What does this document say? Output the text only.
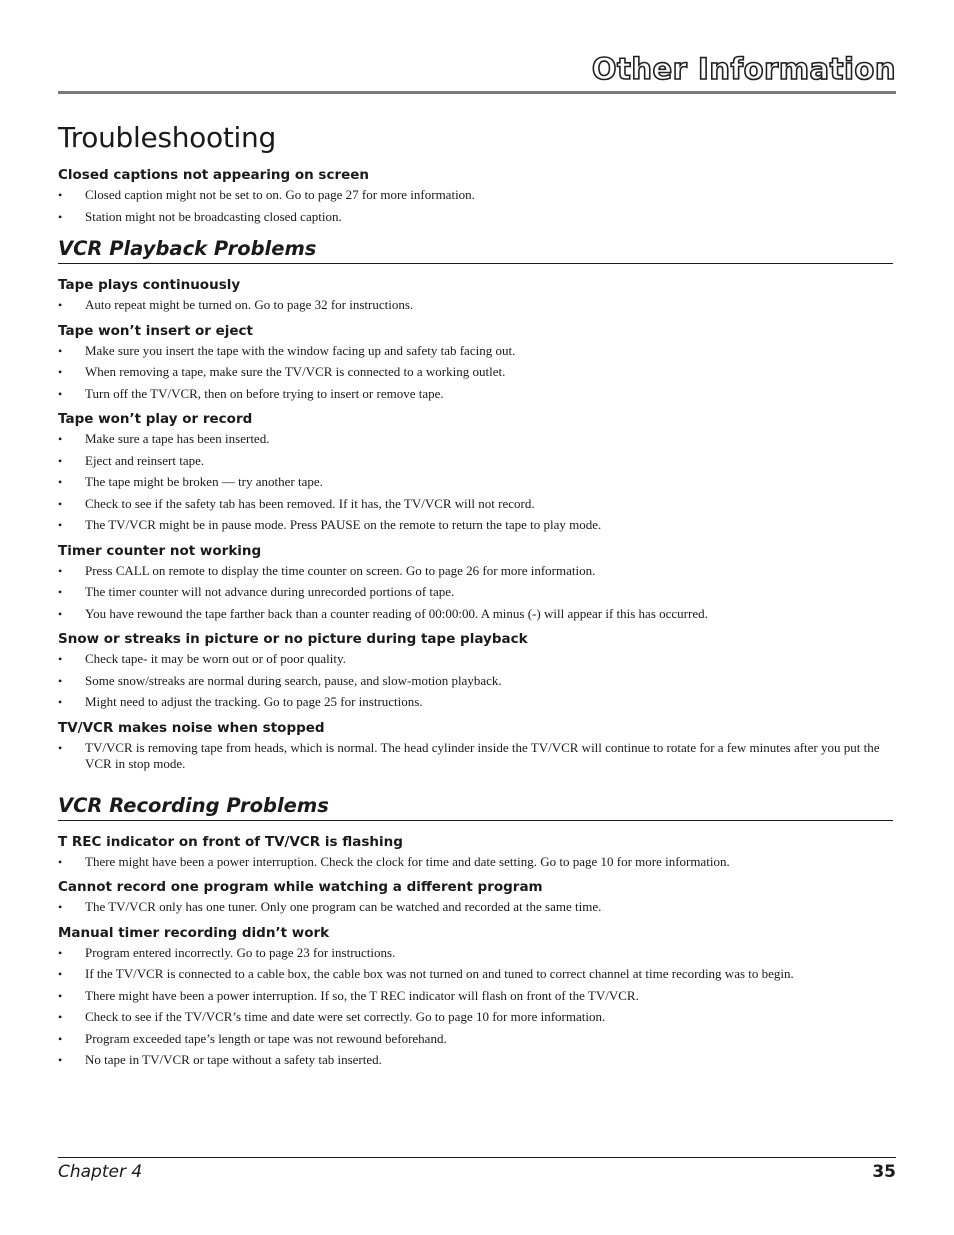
Other Information
Troubleshooting
Closed captions not appearing on screen
• Closed caption might not be set to on. Go to page 27 for more information.
• Station might not be broadcasting closed caption.
VCR Playback Problems
Tape plays continuously
• Auto repeat might be turned on. Go to page 32 for instructions.
Tape won’t insert or eject
• Make sure you insert the tape with the window facing up and safety tab facing out.
• When removing a tape, make sure the TV/VCR is connected to a working outlet.
• Turn off the TV/VCR, then on before trying to insert or remove tape.
Tape won’t play or record
• Make sure a tape has been inserted.
• Eject and reinsert tape.
• The tape might be broken — try another tape.
• Check to see if the safety tab has been removed. If it has, the TV/VCR will not record.
• The TV/VCR might be in pause mode. Press PAUSE on the remote to return the tape to play mode.
Timer counter not working
• Press CALL on remote to display the time counter on screen. Go to page 26 for more information.
• The timer counter will not advance during unrecorded portions of tape.
• You have rewound the tape farther back than a counter reading of 00:00:00. A minus (-) will appear if this has occurred.
Snow or streaks in picture or no picture during tape playback
• Check tape- it may be worn out or of poor quality.
• Some snow/streaks are normal during search, pause, and slow-motion playback.
• Might need to adjust the tracking. Go to page 25 for instructions.
TV/VCR makes noise when stopped
• TV/VCR is removing tape from heads, which is normal. The head cylinder inside the TV/VCR will continue to rotate for a few minutes after you put the VCR in stop mode.
VCR Recording Problems
T REC indicator on front of TV/VCR is flashing
• There might have been a power interruption. Check the clock for time and date setting. Go to page 10 for more information.
Cannot record one program while watching a different program
• The TV/VCR only has one tuner. Only one program can be watched and recorded at the same time.
Manual timer recording didn’t work
• Program entered incorrectly. Go to page 23 for instructions.
• If the TV/VCR is connected to a cable box, the cable box was not turned on and tuned to correct channel at time recording was to begin.
• There might have been a power interruption. If so, the T REC indicator will flash on front of the TV/VCR.
• Check to see if the TV/VCR’s time and date were set correctly. Go to page 10 for more information.
• Program exceeded tape’s length or tape was not rewound beforehand.
• No tape in TV/VCR or tape without a safety tab inserted.

Chapter 4	35
